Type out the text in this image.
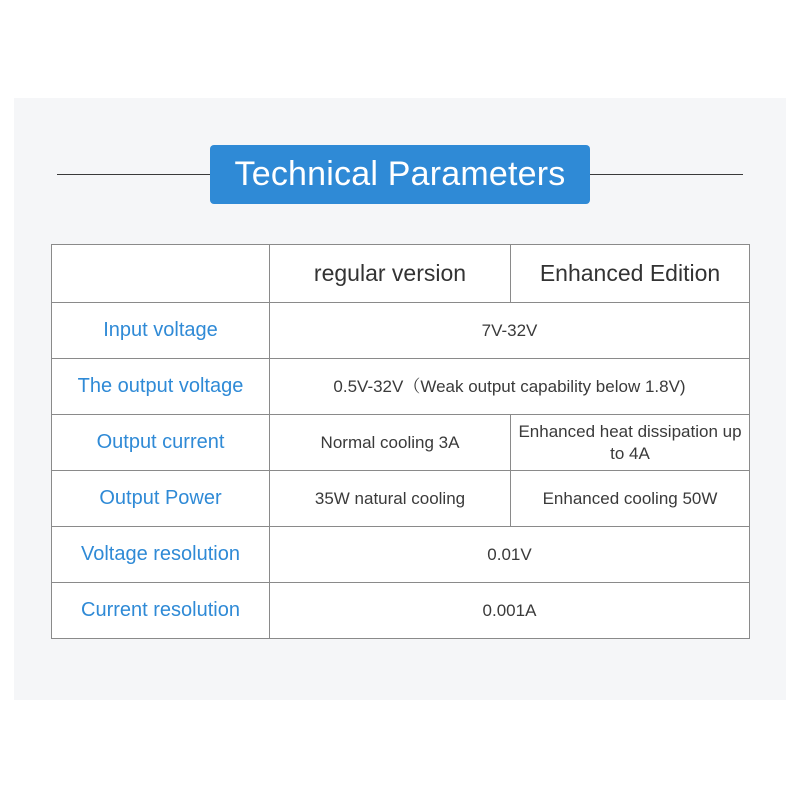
Technical Parameters
	regular version	Enhanced Edition
Input voltage	7V-32V	
The output voltage	0.5V-32V（Weak output capability below 1.8V)	
Output current	Normal cooling 3A	Enhanced heat dissipation up to 4A
Output Power	35W natural cooling	Enhanced cooling 50W
Voltage resolution	0.01V	
Current resolution	0.001A	
